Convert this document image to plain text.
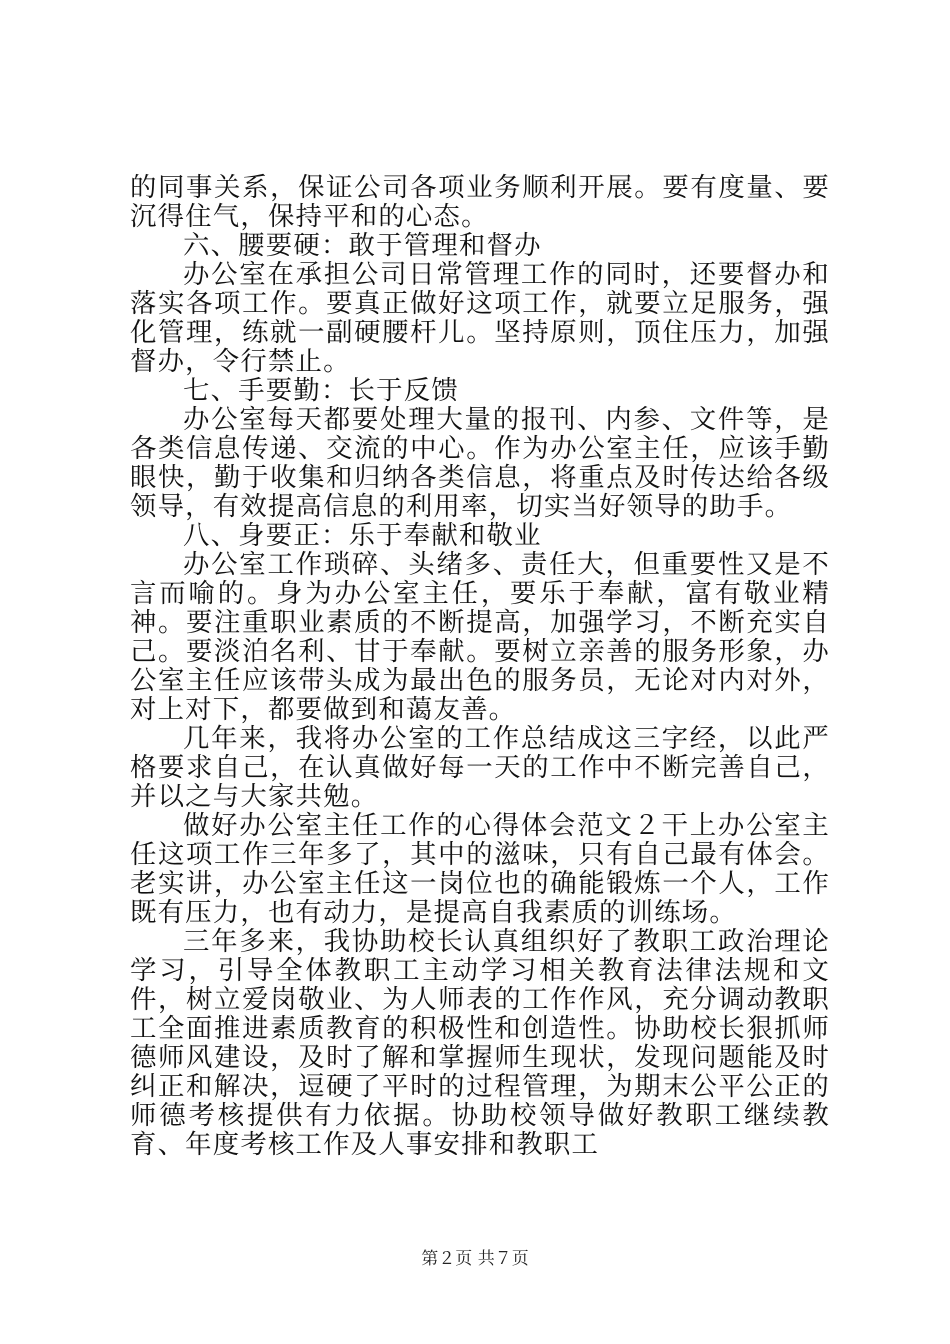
的同事关系，保证公司各项业务顺利开展。要有度量、要沉得住气，保持平和的心态。

六、腰要硬：敢于管理和督办

办公室在承担公司日常管理工作的同时，还要督办和落实各项工作。要真正做好这项工作，就要立足服务，强化管理，练就一副硬腰杆儿。坚持原则，顶住压力，加强督办，令行禁止。

七、手要勤：长于反馈

办公室每天都要处理大量的报刊、内参、文件等，是各类信息传递、交流的中心。作为办公室主任，应该手勤眼快，勤于收集和归纳各类信息，将重点及时传达给各级领导，有效提高信息的利用率，切实当好领导的助手。

八、身要正：乐于奉献和敬业

办公室工作琐碎、头绪多、责任大，但重要性又是不言而喻的。身为办公室主任，要乐于奉献，富有敬业精神。要注重职业素质的不断提高，加强学习，不断充实自己。要淡泊名利、甘于奉献。要树立亲善的服务形象，办公室主任应该带头成为最出色的服务员，无论对内对外，对上对下，都要做到和蔼友善。

几年来，我将办公室的工作总结成这三字经，以此严格要求自己，在认真做好每一天的工作中不断完善自己，并以之与大家共勉。

做好办公室主任工作的心得体会范文２干上办公室主任这项工作三年多了，其中的滋味，只有自己最有体会。老实讲，办公室主任这一岗位也的确能锻炼一个人，工作既有压力，也有动力，是提高自我素质的训练场。

三年多来，我协助校长认真组织好了教职工政治理论学习，引导全体教职工主动学习相关教育法律法规和文件，树立爱岗敬业、为人师表的工作作风，充分调动教职工全面推进素质教育的积极性和创造性。协助校长狠抓师德师风建设，及时了解和掌握师生现状，发现问题能及时纠正和解决，逗硬了平时的过程管理，为期末公平公正的师德考核提供有力依据。协助校领导做好教职工继续教育、年度考核工作及人事安排和教职工

第２页 共７页
